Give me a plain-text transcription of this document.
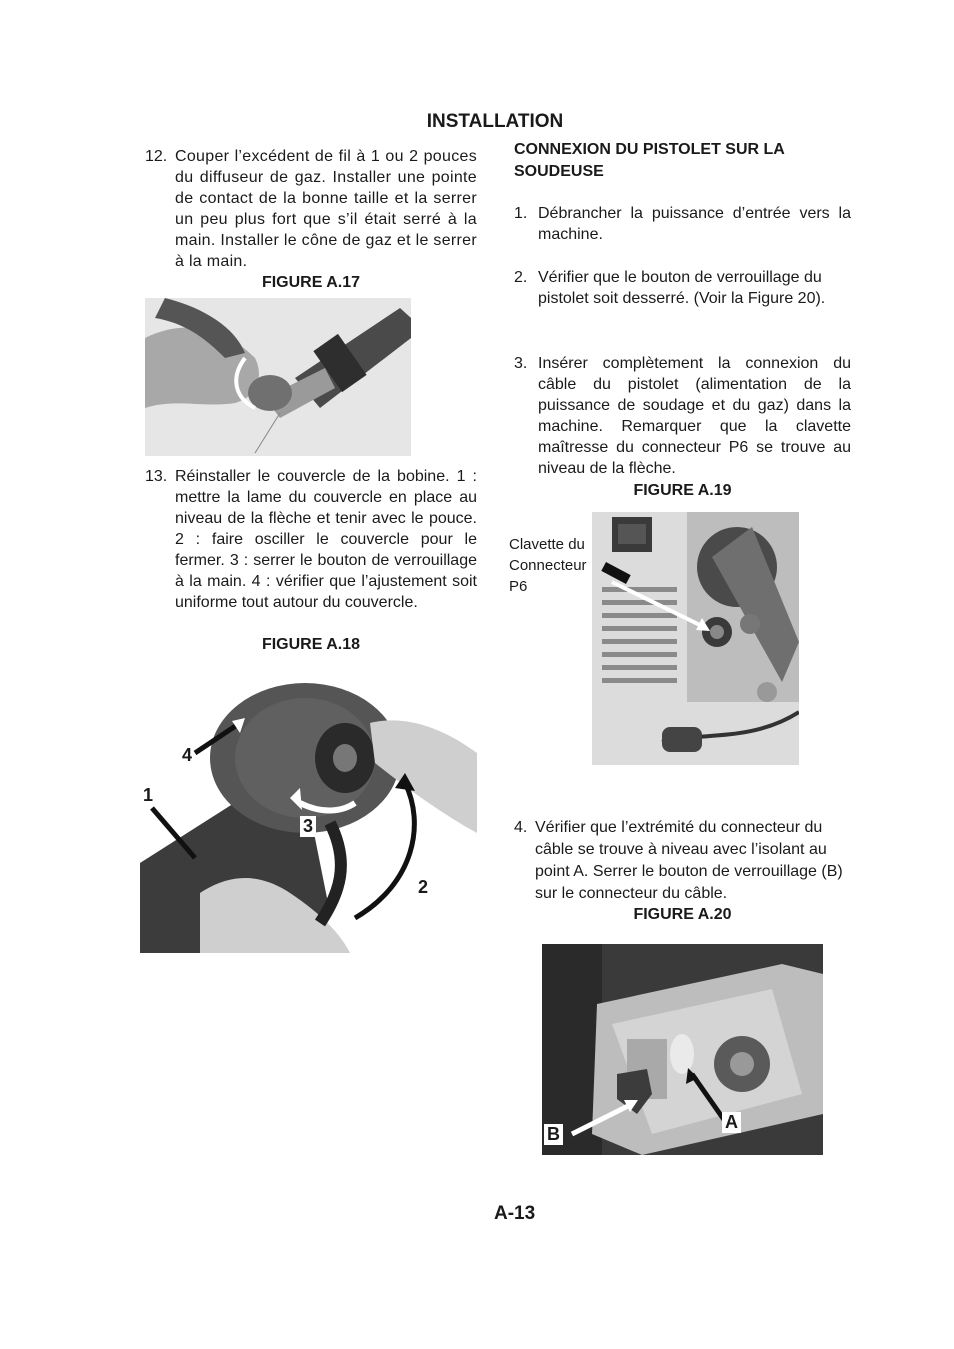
INSTALLATION
12. Couper l’excédent de fil à 1 ou 2 pouces du diffuseur de gaz. Installer une pointe de contact de la bonne taille et la serrer un peu plus fort que s’il était serré à la main. Installer le cône de gaz et le serrer à la main.
FIGURE A.17
13. Réinstaller le couvercle de la bobine. 1 : mettre la lame du couvercle en place au niveau de la flèche et tenir avec le pouce. 2 : faire osciller le couvercle pour le fermer. 3 : serrer le bouton de verrouillage à la main. 4 : vérifier que l’ajustement soit uniforme tout autour du couvercle.
FIGURE A.18
1
2
3
4
CONNEXION DU PISTOLET SUR LA SOUDEUSE
1. Débrancher la puissance d’entrée vers la machine.
2. Vérifier que le bouton de verrouillage du pistolet soit desserré. (Voir la Figure 20).
3. Insérer complètement la connexion du câble du pistolet (alimentation de la puissance de soudage et du gaz) dans la machine. Remarquer que la clavette maîtresse du connecteur P6 se trouve au niveau de la flèche.
FIGURE A.19
Clavette du
Connecteur
P6
4. Vérifier que l’extrémité du connecteur du câble se trouve à niveau avec l’isolant au point A. Serrer le bouton de verrouillage (B) sur le connecteur du câble.
FIGURE A.20
A
B
A-13
